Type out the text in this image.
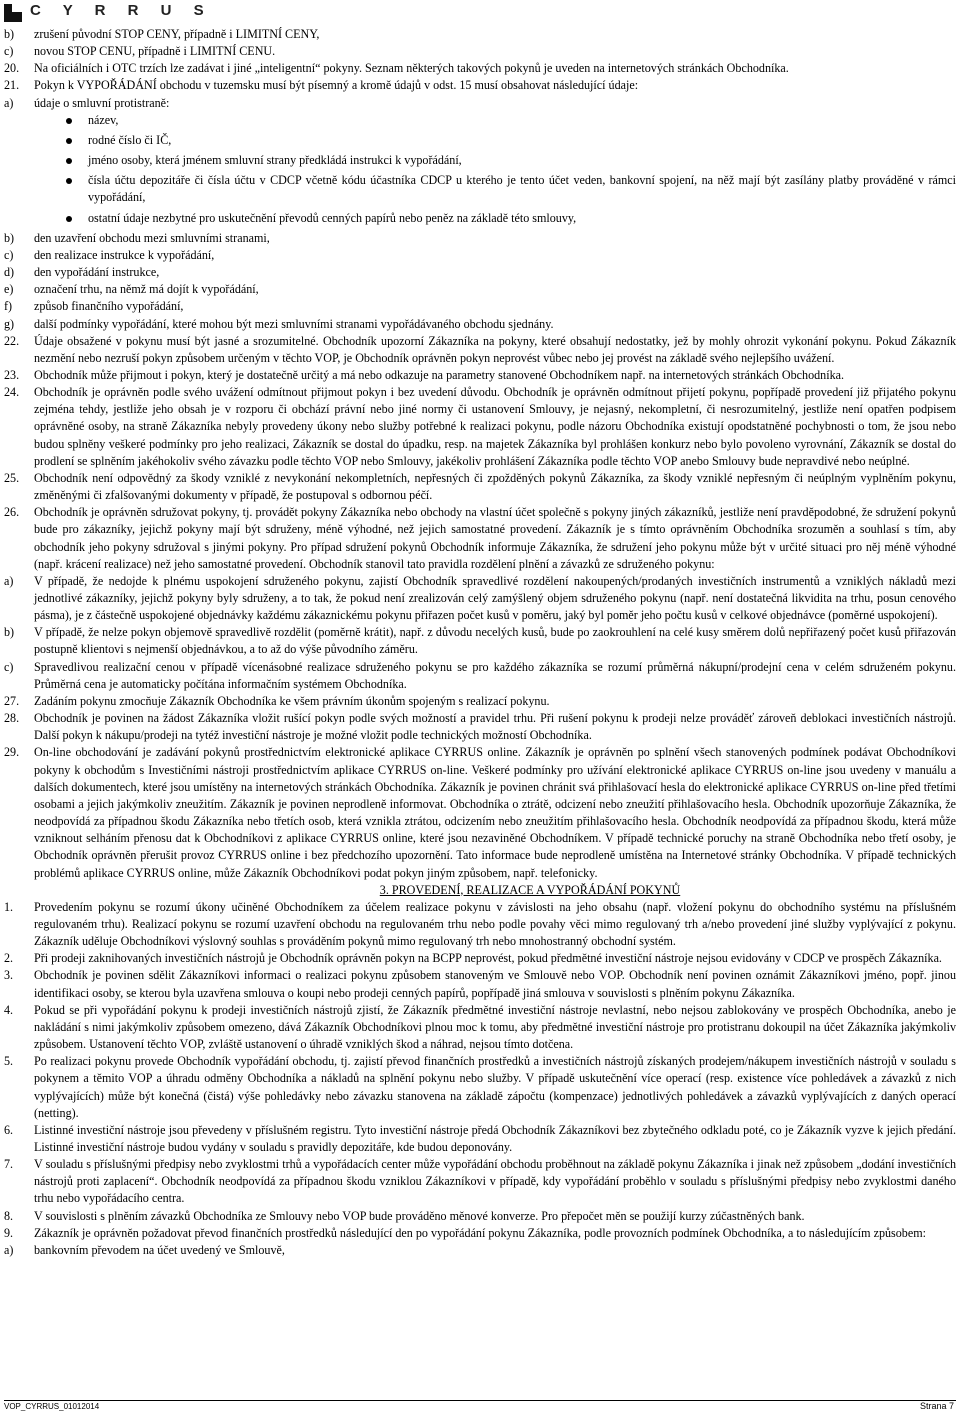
C Y R R U S
b) zrušení původní STOP CENY, případně i LIMITNÍ CENY,
c) novou STOP CENU, případně i LIMITNÍ CENU.
20. Na oficiálních i OTC trzích lze zadávat i jiné „inteligentní“ pokyny. Seznam některých takových pokynů je uveden na internetových stránkách Obchodníka.
21. Pokyn k VYPOŘÁDÁNÍ obchodu v tuzemsku musí být písemný a kromě údajů v odst. 15 musí obsahovat následující údaje:
a) údaje o smluvní protistraně:
název,
rodné číslo či IČ,
jméno osoby, která jménem smluvní strany předkládá instrukci k vypořádání,
čísla účtu depozitáře či čísla účtu v CDCP včetně kódu účastníka CDCP u kterého je tento účet veden, bankovní spojení, na něž mají být zasílány platby prováděné v rámci vypořádání,
ostatní údaje nezbytné pro uskutečnění převodů cenných papírů nebo peněz na základě této smlouvy,
b) den uzavření obchodu mezi smluvními stranami,
c) den realizace instrukce k vypořádání,
d) den vypořádání instrukce,
e) označení trhu, na němž má dojít k vypořádání,
f) způsob finančního vypořádání,
g) další podmínky vypořádání, které mohou být mezi smluvními stranami vypořádávaného obchodu sjednány.
22. Údaje obsažené v pokynu musí být jasné a srozumitelné. Obchodník upozorní Zákazníka na pokyny, které obsahují nedostatky, jež by mohly ohrozit vykonání pokynu. Pokud Zákazník nezmění nebo nezruší pokyn způsobem určeným v těchto VOP, je Obchodník oprávněn pokyn neprovést vůbec nebo jej provést na základě svého nejlepšího uvážení.
23. Obchodník může přijmout i pokyn, který je dostatečně určitý a má nebo odkazuje na parametry stanovené Obchodníkem např. na internetových stránkách Obchodníka.
24. Obchodník je oprávněn podle svého uvážení odmítnout přijmout pokyn i bez uvedení důvodu. Obchodník je oprávněn odmítnout přijetí pokynu, popřípadě provedení již přijatého pokynu zejména tehdy, jestliže jeho obsah je v rozporu či obchází právní nebo jiné normy či ustanovení Smlouvy, je nejasný, nekompletní, či nesrozumitelný, jestliže není opatřen podpisem oprávněné osoby, na straně Zákazníka nebyly provedeny úkony nebo služby potřebné k realizaci pokynu, podle názoru Obchodníka existují opodstatněné pochybnosti o tom, že jsou nebo budou splněny veškeré podmínky pro jeho realizaci, Zákazník se dostal do úpadku, resp. na majetek Zákazníka byl prohlášen konkurz nebo bylo povoleno vyrovnání, Zákazník se dostal do prodlení se splněním jakéhokoliv svého závazku podle těchto VOP nebo Smlouvy, jakékoliv prohlášení Zákazníka podle těchto VOP anebo Smlouvy bude nepravdivé nebo neúplné.
25. Obchodník není odpovědný za škody vzniklé z nevykonání nekompletních, nepřesných či zpožděných pokynů Zákazníka, za škody vzniklé nepřesným či neúplným vyplněním pokynu, změněnými či zfalšovanými dokumenty v případě, že postupoval s odbornou péčí.
26. Obchodník je oprávněn sdružovat pokyny, tj. provádět pokyny Zákazníka nebo obchody na vlastní účet společně s pokyny jiných zákazníků, jestliže není pravděpodobné, že sdružení pokynů bude pro zákazníky, jejichž pokyny mají být sdruženy, méně výhodné, než jejich samostatné provedení. Zákazník je s tímto oprávněním Obchodníka srozuměn a souhlasí s tím, aby obchodník jeho pokyny sdružoval s jinými pokyny. Pro případ sdružení pokynů Obchodník informuje Zákazníka, že sdružení jeho pokynu může být v určité situaci pro něj méně výhodné (např. krácení realizace) než jeho samostatné provedení. Obchodník stanovil tato pravidla rozdělení plnění a závazků ze sdruženého pokynu:
a) V případě, že nedojde k plnému uspokojení sdruženého pokynu, zajistí Obchodník spravedlivé rozdělení nakoupených/prodaných investičních instrumentů a vzniklých nákladů mezi jednotlivé zákazníky, jejichž pokyny byly sdruženy, a to tak, že pokud není zrealizován celý zamýšlený objem sdruženého pokynu (např. není dostatečná likvidita na trhu, posun cenového pásma), je z částečně uspokojené objednávky každému zákaznickému pokynu přiřazen počet kusů v poměru, jaký byl poměr jeho počtu kusů v celkové objednávce (poměrné uspokojení).
b) V případě, že nelze pokyn objemově spravedlivě rozdělit (poměrně krátit), např. z důvodu necelých kusů, bude po zaokrouhlení na celé kusy směrem dolů nepřiřazený počet kusů přiřazován postupně klientovi s nejmenší objednávkou, a to až do výše původního záměru.
c) Spravedlivou realizační cenou v případě vícenásobné realizace sdruženého pokynu se pro každého zákazníka se rozumí průměrná nákupní/prodejní cena v celém sdruženém pokynu. Průměrná cena je automaticky počítána informačním systémem Obchodníka.
27. Zadáním pokynu zmocňuje Zákazník Obchodníka ke všem právním úkonům spojeným s realizací pokynu.
28. Obchodník je povinen na žádost Zákazníka vložit rušící pokyn podle svých možností a pravidel trhu. Při rušení pokynu k prodeji nelze prováděť zároveň deblokaci investičních nástrojů. Další pokyn k nákupu/prodeji na tytéž investiční nástroje je možné vložit podle technických možností Obchodníka.
29. On-line obchodování je zadávání pokynů prostřednictvím elektronické aplikace CYRRUS online. Zákazník je oprávněn po splnění všech stanovených podmínek podávat Obchodníkovi pokyny k obchodům s Investičními nástroji prostřednictvím aplikace CYRRUS on-line. Veškeré podmínky pro užívání elektronické aplikace CYRRUS on-line jsou uvedeny v manuálu a dalších dokumentech, které jsou umístěny na internetových stránkách Obchodníka. Zákazník je povinen chránit svá přihlašovací hesla do elektronické aplikace CYRRUS on-line před třetími osobami a jejich jakýmkoliv zneužitím. Zákazník je povinen neprodleně informovat. Obchodníka o ztrátě, odcizení nebo zneužití přihlašovacího hesla. Obchodník upozorňuje Zákazníka, že neodpovídá za případnou škodu Zákazníka nebo třetích osob, která vznikla ztrátou, odcizením nebo zneužitím přihlašovacího hesla. Obchodník neodpovídá za případnou škodu, která může vzniknout selháním přenosu dat k Obchodníkovi z aplikace CYRRUS online, které jsou nezaviněné Obchodníkem. V případě technické poruchy na straně Obchodníka nebo třetí osoby, je Obchodník oprávněn přerušit provoz CYRRUS online i bez předchozího upozornění. Tato informace bude neprodleně umístěna na Internetové stránky Obchodníka. V případě technických problémů aplikace CYRRUS online, může Zákazník Obchodníkovi podat pokyn jiným způsobem, např. telefonicky.
3. PROVEDENÍ, REALIZACE A VYPOŘÁDÁNÍ POKYNŮ
1. Provedením pokynu se rozumí úkony učiněné Obchodníkem za účelem realizace pokynu v závislosti na jeho obsahu (např. vložení pokynu do obchodního systému na příslušném regulovaném trhu). Realizací pokynu se rozumí uzavření obchodu na regulovaném trhu nebo podle povahy věci mimo regulovaný trh a/nebo provedení jiné služby vyplývající z pokynu. Zákazník uděluje Obchodníkovi výslovný souhlas s prováděním pokynů mimo regulovaný trh nebo mnohostranný obchodní systém.
2. Při prodeji zaknihovaných investičních nástrojů je Obchodník oprávněn pokyn na BCPP neprovést, pokud předmětné investiční nástroje nejsou evidovány v CDCP ve prospěch Zákazníka.
3. Obchodník je povinen sdělit Zákazníkovi informaci o realizaci pokynu způsobem stanoveným ve Smlouvě nebo VOP. Obchodník není povinen oznámit Zákazníkovi jméno, popř. jinou identifikaci osoby, se kterou byla uzavřena smlouva o koupi nebo prodeji cenných papírů, popřípadě jiná smlouva v souvislosti s plněním pokynu Zákazníka.
4. Pokud se při vypořádání pokynu k prodeji investičních nástrojů zjistí, že Zákazník předmětné investiční nástroje nevlastní, nebo nejsou zablokovány ve prospěch Obchodníka, anebo je nakládání s nimi jakýmkoliv způsobem omezeno, dává Zákazník Obchodníkovi plnou moc k tomu, aby předmětné investiční nástroje pro protistranu dokoupil na účet Zákazníka jakýmkoliv způsobem. Ustanovení těchto VOP, zvláště ustanovení o úhradě vzniklých škod a náhrad, nejsou tímto dotčena.
5. Po realizaci pokynu provede Obchodník vypořádání obchodu, tj. zajistí převod finančních prostředků a investičních nástrojů získaných prodejem/nákupem investičních nástrojů v souladu s pokynem a těmito VOP a úhradu odměny Obchodníka a nákladů na splnění pokynu nebo služby. V případě uskutečnění více operací (resp. existence více pohledávek a závazků z nich vyplývajících) může být konečná (čistá) výše pohledávky nebo závazku stanovena na základě zápočtu (kompenzace) jednotlivých pohledávek a závazků vyplývajících z daných operací (netting).
6. Listinné investiční nástroje jsou převedeny v příslušném registru. Tyto investiční nástroje předá Obchodník Zákazníkovi bez zbytečného odkladu poté, co je Zákazník vyzve k jejich předání. Listinné investiční nástroje budou vydány v souladu s pravidly depozitáře, kde budou deponovány.
7. V souladu s příslušnými předpisy nebo zvyklostmi trhů a vypořádacích center může vypořádání obchodu proběhnout na základě pokynu Zákazníka i jinak než způsobem „dodání investičních nástrojů proti zaplacení“. Obchodník neodpovídá za případnou škodu vzniklou Zákazníkovi v případě, kdy vypořádání proběhlo v souladu s příslušnými předpisy nebo zvyklostmi daného trhu nebo vypořádacího centra.
8. V souvislosti s plněním závazků Obchodníka ze Smlouvy nebo VOP bude prováděno měnové konverze. Pro přepočet měn se použijí kurzy zúčastněných bank.
9. Zákazník je oprávněn požadovat převod finančních prostředků následující den po vypořádání pokynu Zákazníka, podle provozních podmínek Obchodníka, a to následujícím způsobem:
a) bankovním převodem na účet uvedený ve Smlouvě,
VOP_CYRRUS_01012014	Strana 7
